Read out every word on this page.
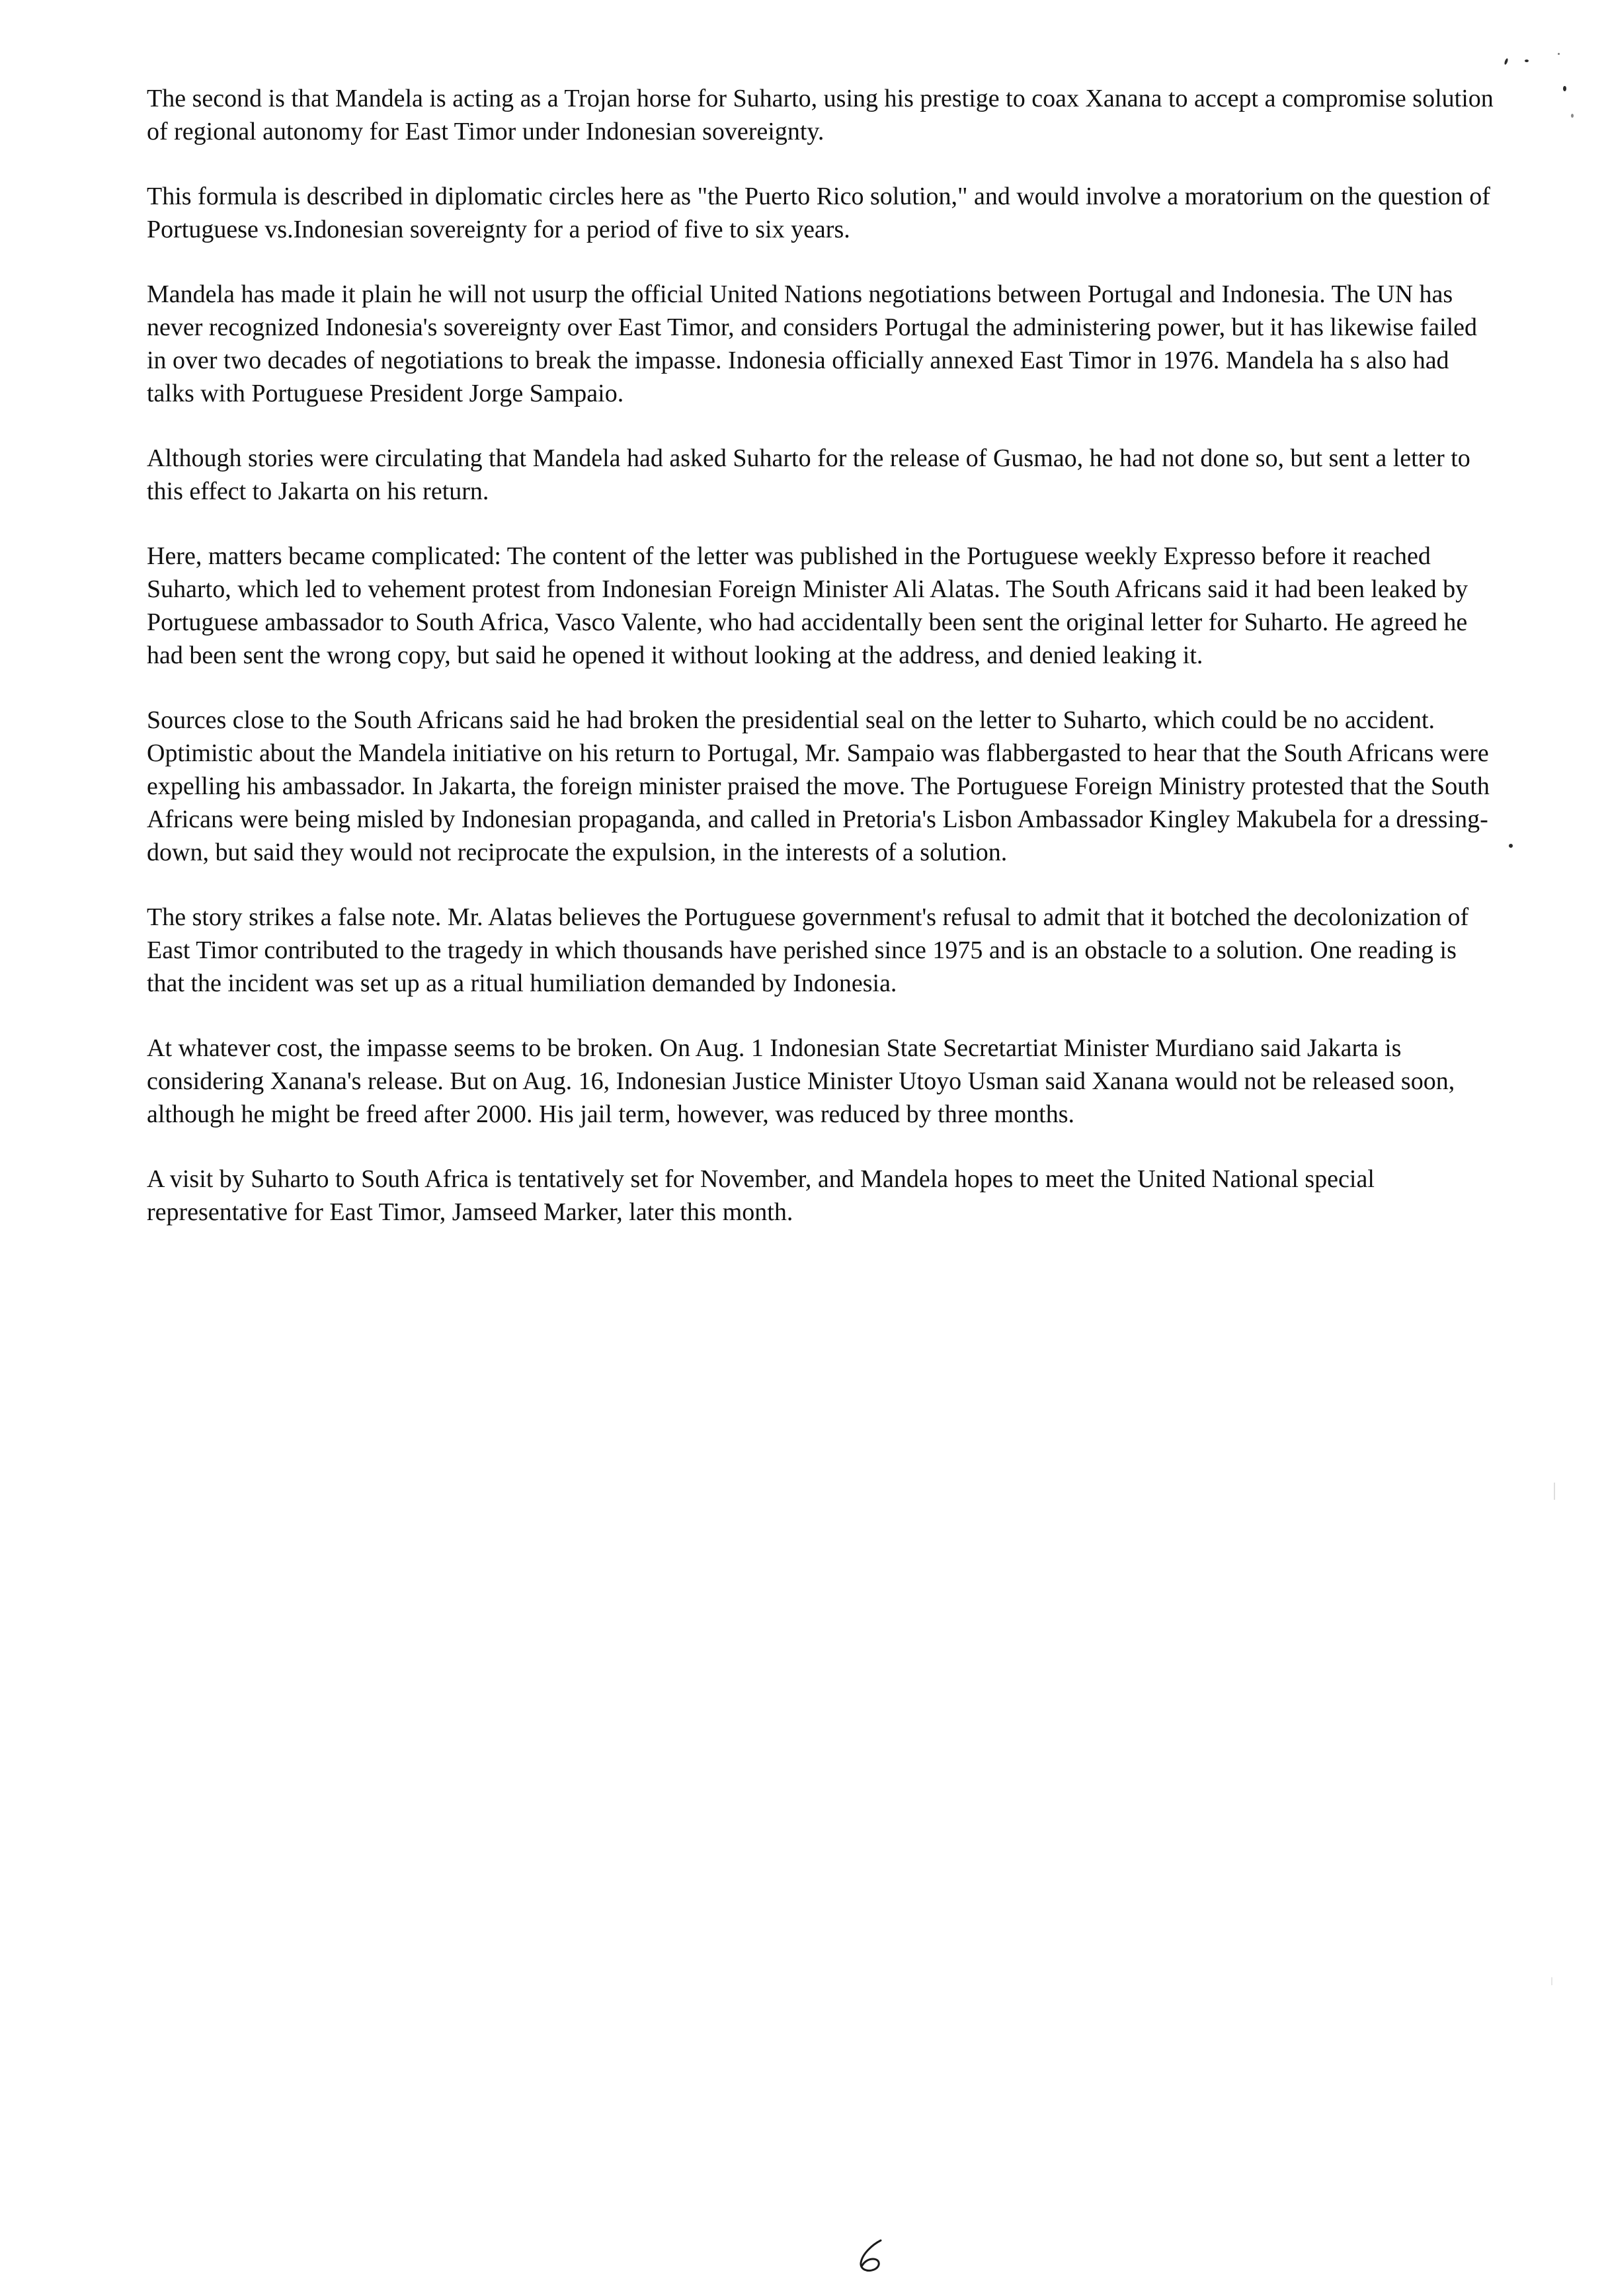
The second is that Mandela is acting as a Trojan horse for Suharto, using his prestige to coax Xanana to accept a compromise solution of regional autonomy for East Timor under Indonesian sovereignty.

This formula is described in diplomatic circles here as "the Puerto Rico solution," and would involve a moratorium on the question of Portuguese vs.Indonesian sovereignty for a period of five to six years.

Mandela has made it plain he will not usurp the official United Nations negotiations between Portugal and Indonesia. The UN has never recognized Indonesia's sovereignty over East Timor, and considers Portugal the administering power, but it has likewise failed in over two decades of negotiations to break the impasse. Indonesia officially annexed East Timor in 1976. Mandela ha s also had talks with Portuguese President Jorge Sampaio.

Although stories were circulating that Mandela had asked Suharto for the release of Gusmao, he had not done so, but sent a letter to this effect to Jakarta on his return.

Here, matters became complicated: The content of the letter was published in the Portuguese weekly Expresso before it reached Suharto, which led to vehement protest from Indonesian Foreign Minister Ali Alatas. The South Africans said it had been leaked by Portuguese ambassador to South Africa, Vasco Valente, who had accidentally been sent the original letter for Suharto. He agreed he had been sent the wrong copy, but said he opened it without looking at the address, and denied leaking it.

Sources close to the South Africans said he had broken the presidential seal on the letter to Suharto, which could be no accident. Optimistic about the Mandela initiative on his return to Portugal, Mr. Sampaio was flabbergasted to hear that the South Africans were expelling his ambassador. In Jakarta, the foreign minister praised the move. The Portuguese Foreign Ministry protested that the South Africans were being misled by Indonesian propaganda, and called in Pretoria's Lisbon Ambassador Kingley Makubela for a dressing-down, but said they would not reciprocate the expulsion, in the interests of a solution.

The story strikes a false note. Mr. Alatas believes the Portuguese government's refusal to admit that it botched the decolonization of East Timor contributed to the tragedy in which thousands have perished since 1975 and is an obstacle to a solution. One reading is that the incident was set up as a ritual humiliation demanded by Indonesia.

At whatever cost, the impasse seems to be broken. On Aug. 1 Indonesian State Secretartiat Minister Murdiano said Jakarta is considering Xanana's release. But on Aug. 16, Indonesian Justice Minister Utoyo Usman said Xanana would not be released soon, although he might be freed after 2000. His jail term, however, was reduced by three months.

A visit by Suharto to South Africa is tentatively set for November, and Mandela hopes to meet the United National special representative for East Timor, Jamseed Marker, later this month.
